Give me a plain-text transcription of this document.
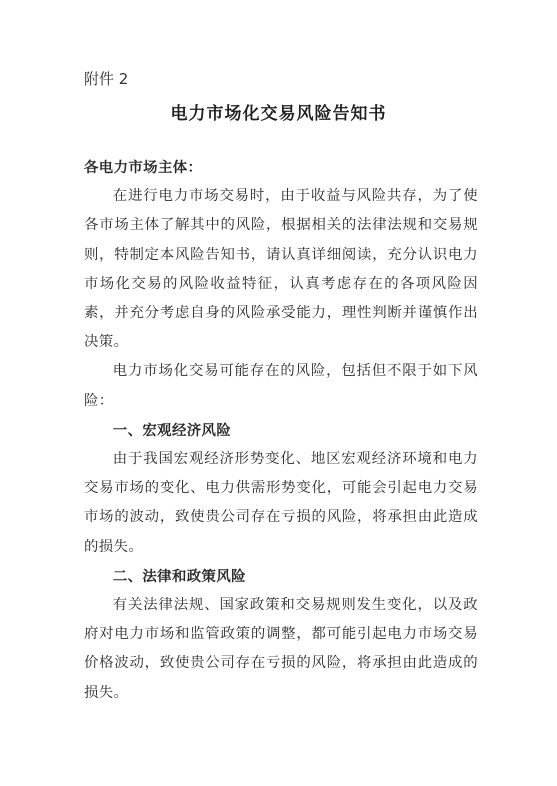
附件 2
电力市场化交易风险告知书

各电力市场主体：

在进行电力市场交易时，由于收益与风险共存，为了使各市场主体了解其中的风险，根据相关的法律法规和交易规则，特制定本风险告知书，请认真详细阅读，充分认识电力市场化交易的风险收益特征，认真考虑存在的各项风险因素，并充分考虑自身的风险承受能力，理性判断并谨慎作出决策。

电力市场化交易可能存在的风险，包括但不限于如下风险：

一、宏观经济风险

由于我国宏观经济形势变化、地区宏观经济环境和电力交易市场的变化、电力供需形势变化，可能会引起电力交易市场的波动，致使贵公司存在亏损的风险，将承担由此造成的损失。

二、法律和政策风险

有关法律法规、国家政策和交易规则发生变化，以及政府对电力市场和监管政策的调整，都可能引起电力市场交易价格波动，致使贵公司存在亏损的风险，将承担由此造成的损失。
